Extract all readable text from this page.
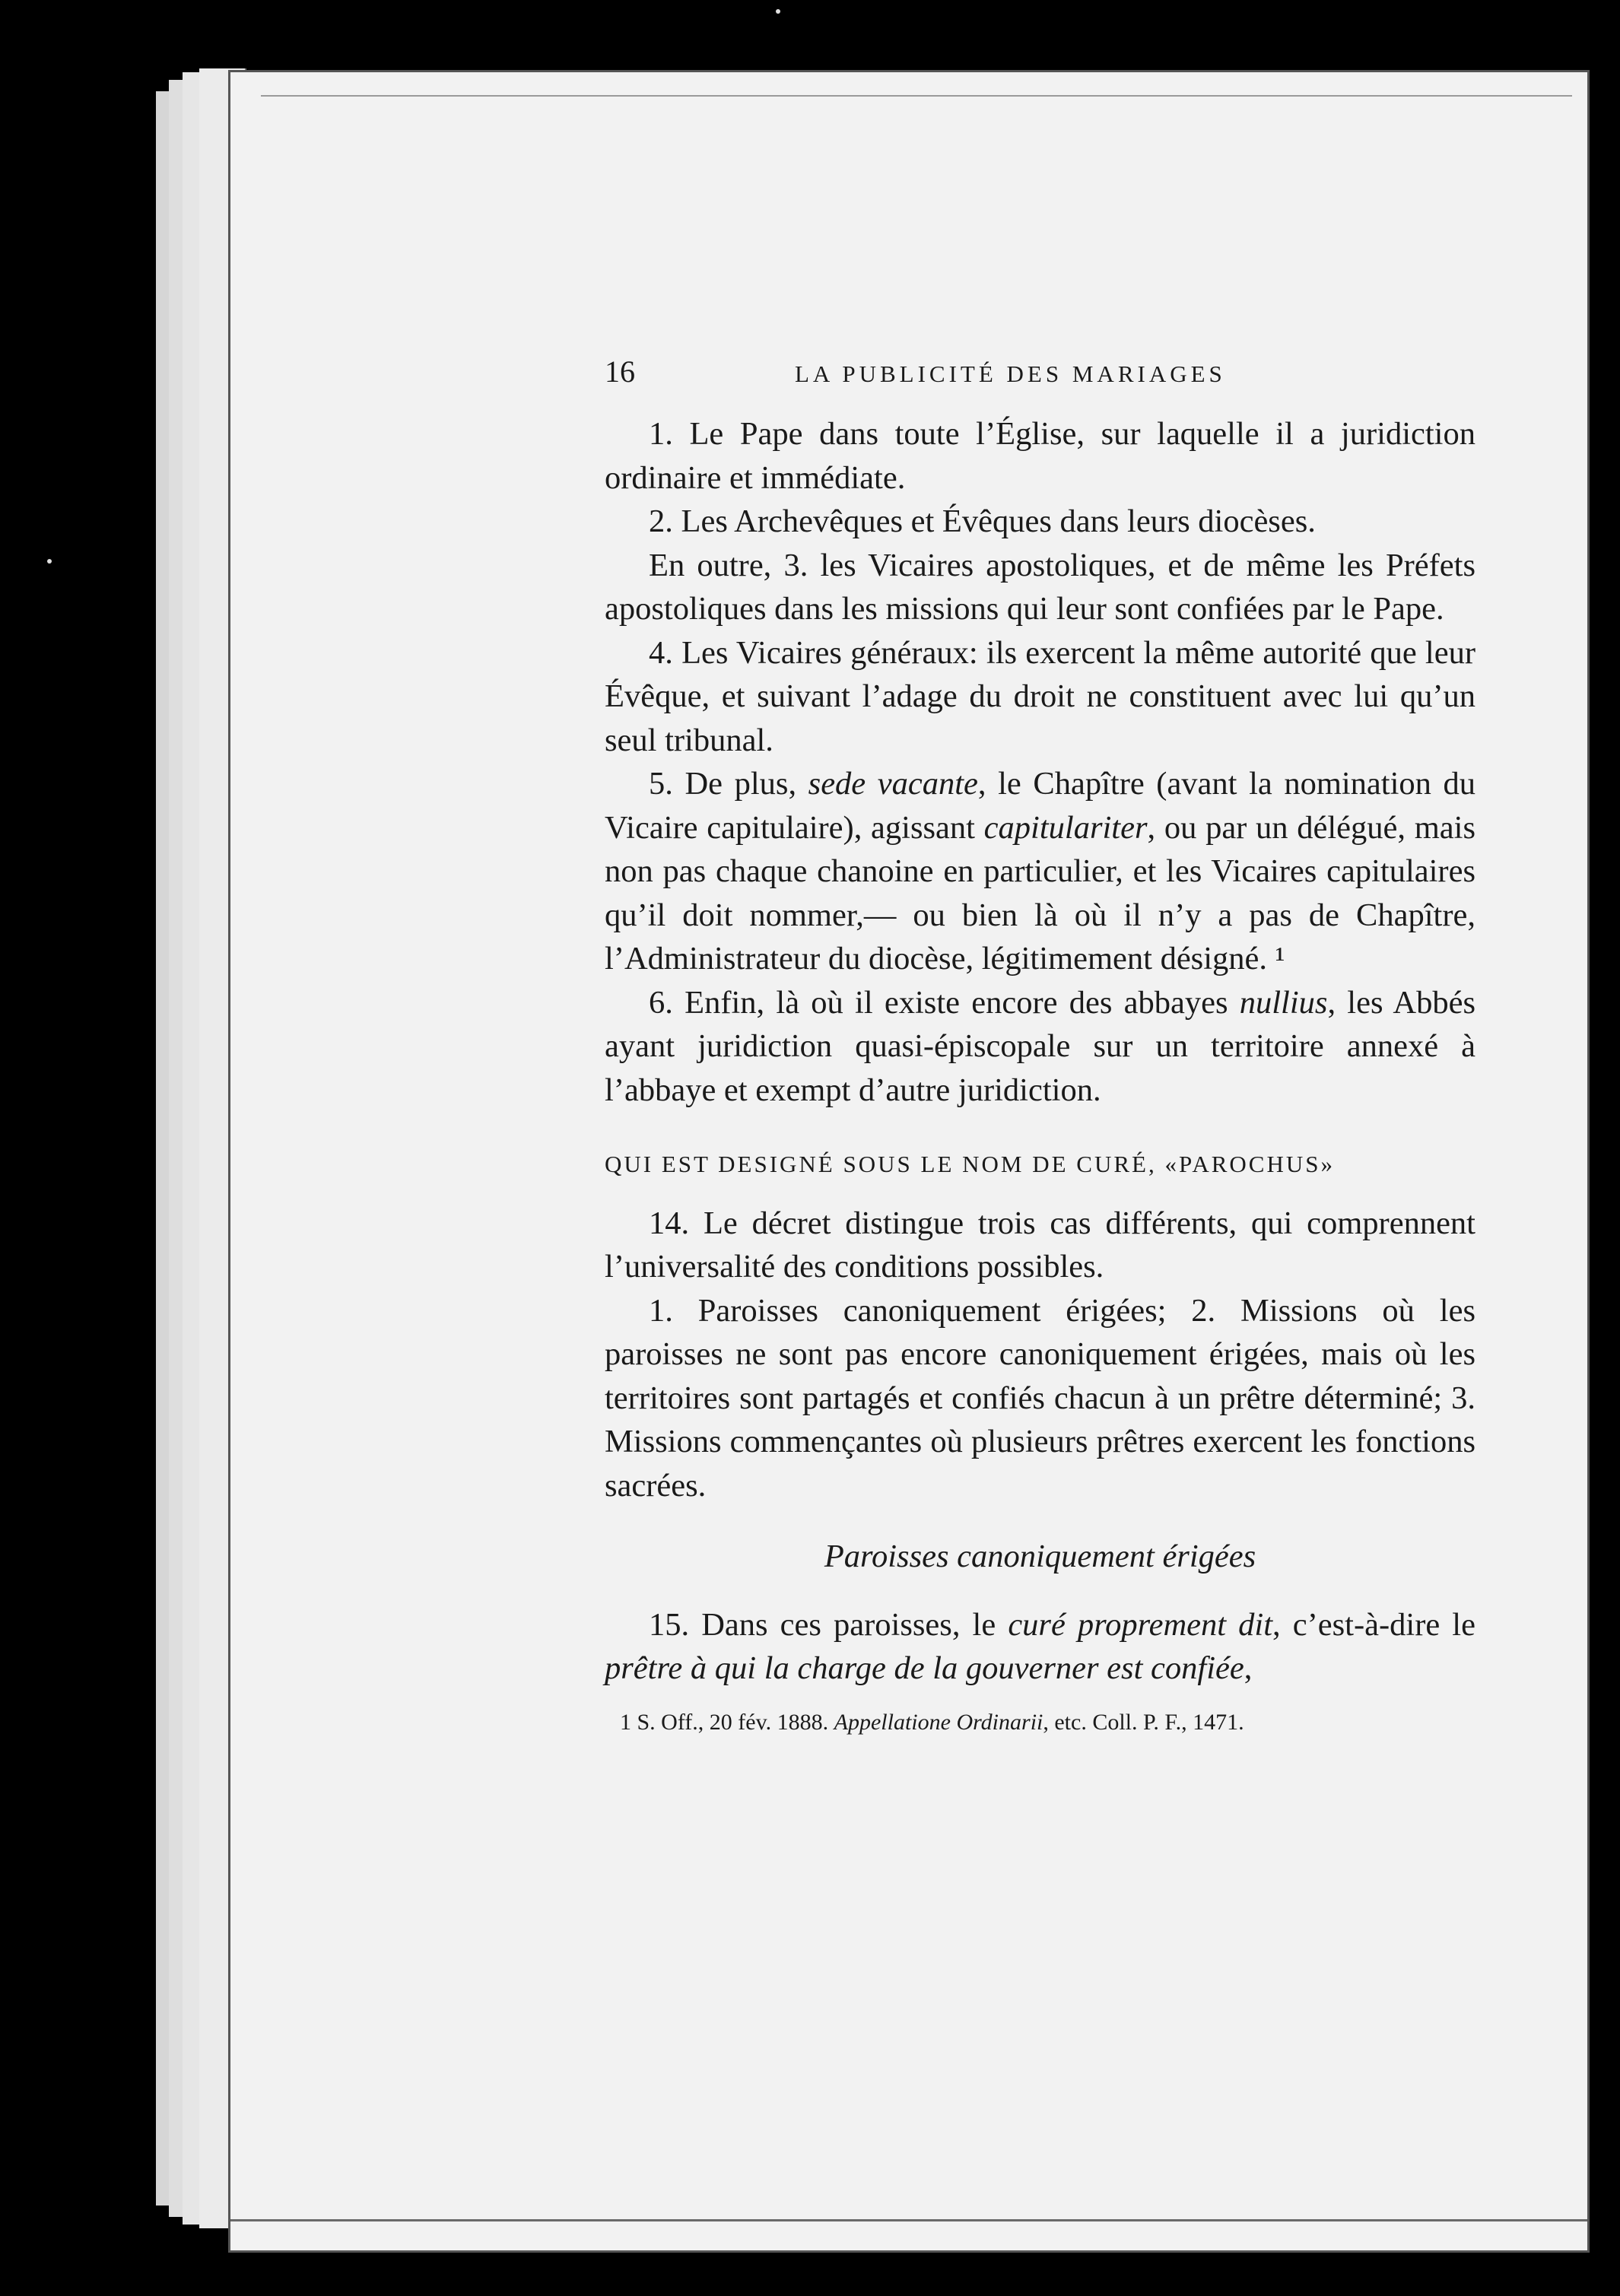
16	LA PUBLICITÉ DES MARIAGES

1. Le Pape dans toute l’Église, sur laquelle il a juridiction ordinaire et immédiate.

2. Les Archevêques et Évêques dans leurs diocèses.

En outre, 3. les Vicaires apostoliques, et de même les Préfets apostoliques dans les missions qui leur sont confiées par le Pape.

4. Les Vicaires généraux: ils exercent la même autorité que leur Évêque, et suivant l’adage du droit ne constituent avec lui qu’un seul tribunal.

5. De plus, sede vacante, le Chapître (avant la nomination du Vicaire capitulaire), agissant capitulariter, ou par un délégué, mais non pas chaque chanoine en particulier, et les Vicaires capitulaires qu’il doit nommer,— ou bien là où il n’y a pas de Chapître, l’Administrateur du diocèse, légitimement désigné. ¹

6. Enfin, là où il existe encore des abbayes nullius, les Abbés ayant juridiction quasi-épiscopale sur un territoire annexé à l’abbaye et exempt d’autre juridiction.

QUI EST DESIGNÉ SOUS LE NOM DE CURÉ, «PAROCHUS»

14. Le décret distingue trois cas différents, qui comprennent l’universalité des conditions possibles.

1. Paroisses canoniquement érigées; 2. Missions où les paroisses ne sont pas encore canoniquement érigées, mais où les territoires sont partagés et confiés chacun à un prêtre déterminé; 3. Missions commençantes où plusieurs prêtres exercent les fonctions sacrées.

Paroisses canoniquement érigées

15. Dans ces paroisses, le curé proprement dit, c’est-à-dire le prêtre à qui la charge de la gouverner est confiée,

1 S. Off., 20 fév. 1888. Appellatione Ordinarii, etc. Coll. P. F., 1471.
